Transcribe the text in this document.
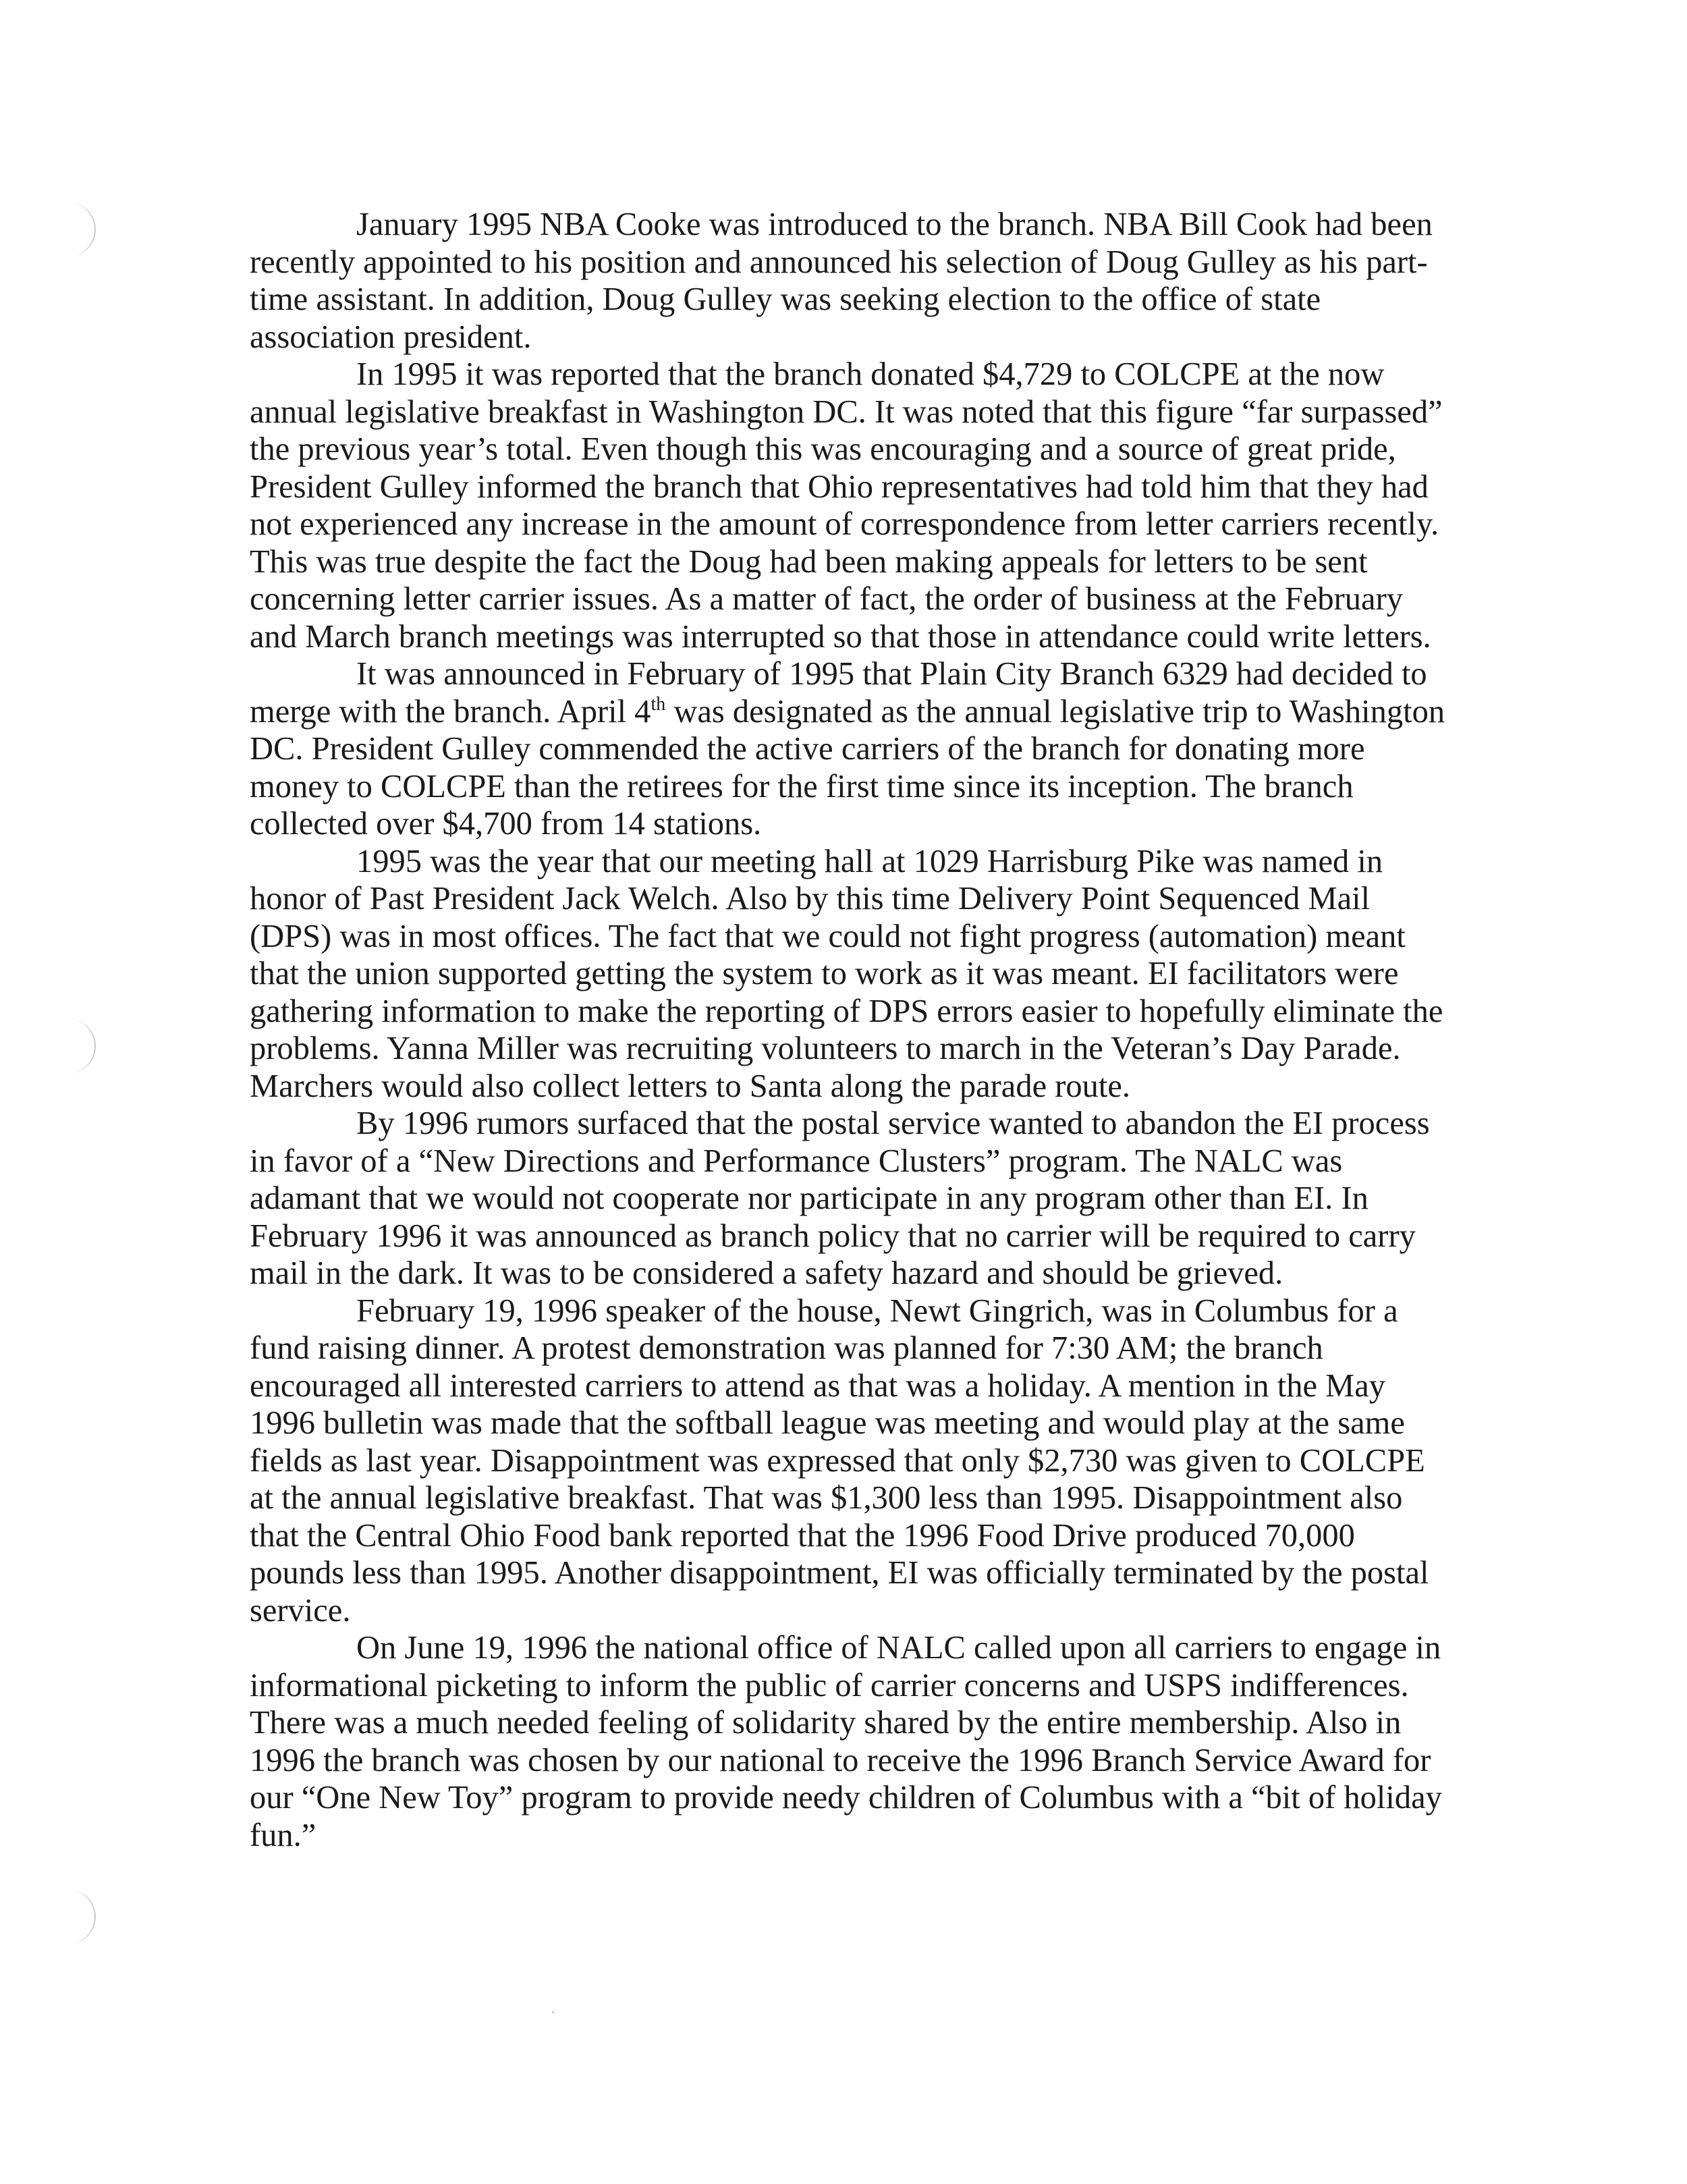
January 1995 NBA Cooke was introduced to the branch. NBA Bill Cook had been recently appointed to his position and announced his selection of Doug Gulley as his part-time assistant. In addition, Doug Gulley was seeking election to the office of state association president.

In 1995 it was reported that the branch donated $4,729 to COLCPE at the now annual legislative breakfast in Washington DC. It was noted that this figure “far surpassed” the previous year’s total. Even though this was encouraging and a source of great pride, President Gulley informed the branch that Ohio representatives had told him that they had not experienced any increase in the amount of correspondence from letter carriers recently. This was true despite the fact the Doug had been making appeals for letters to be sent concerning letter carrier issues. As a matter of fact, the order of business at the February and March branch meetings was interrupted so that those in attendance could write letters.

It was announced in February of 1995 that Plain City Branch 6329 had decided to merge with the branch. April 4th was designated as the annual legislative trip to Washington DC. President Gulley commended the active carriers of the branch for donating more money to COLCPE than the retirees for the first time since its inception. The branch collected over $4,700 from 14 stations.

1995 was the year that our meeting hall at 1029 Harrisburg Pike was named in honor of Past President Jack Welch. Also by this time Delivery Point Sequenced Mail (DPS) was in most offices. The fact that we could not fight progress (automation) meant that the union supported getting the system to work as it was meant. EI facilitators were gathering information to make the reporting of DPS errors easier to hopefully eliminate the problems. Yanna Miller was recruiting volunteers to march in the Veteran’s Day Parade. Marchers would also collect letters to Santa along the parade route.

By 1996 rumors surfaced that the postal service wanted to abandon the EI process in favor of a “New Directions and Performance Clusters” program. The NALC was adamant that we would not cooperate nor participate in any program other than EI. In February 1996 it was announced as branch policy that no carrier will be required to carry mail in the dark. It was to be considered a safety hazard and should be grieved.

February 19, 1996 speaker of the house, Newt Gingrich, was in Columbus for a fund raising dinner. A protest demonstration was planned for 7:30 AM; the branch encouraged all interested carriers to attend as that was a holiday. A mention in the May 1996 bulletin was made that the softball league was meeting and would play at the same fields as last year. Disappointment was expressed that only $2,730 was given to COLCPE at the annual legislative breakfast. That was $1,300 less than 1995. Disappointment also that the Central Ohio Food bank reported that the 1996 Food Drive produced 70,000 pounds less than 1995. Another disappointment, EI was officially terminated by the postal service.

On June 19, 1996 the national office of NALC called upon all carriers to engage in informational picketing to inform the public of carrier concerns and USPS indifferences. There was a much needed feeling of solidarity shared by the entire membership. Also in 1996 the branch was chosen by our national to receive the 1996 Branch Service Award for our “One New Toy” program to provide needy children of Columbus with a “bit of holiday fun.”
